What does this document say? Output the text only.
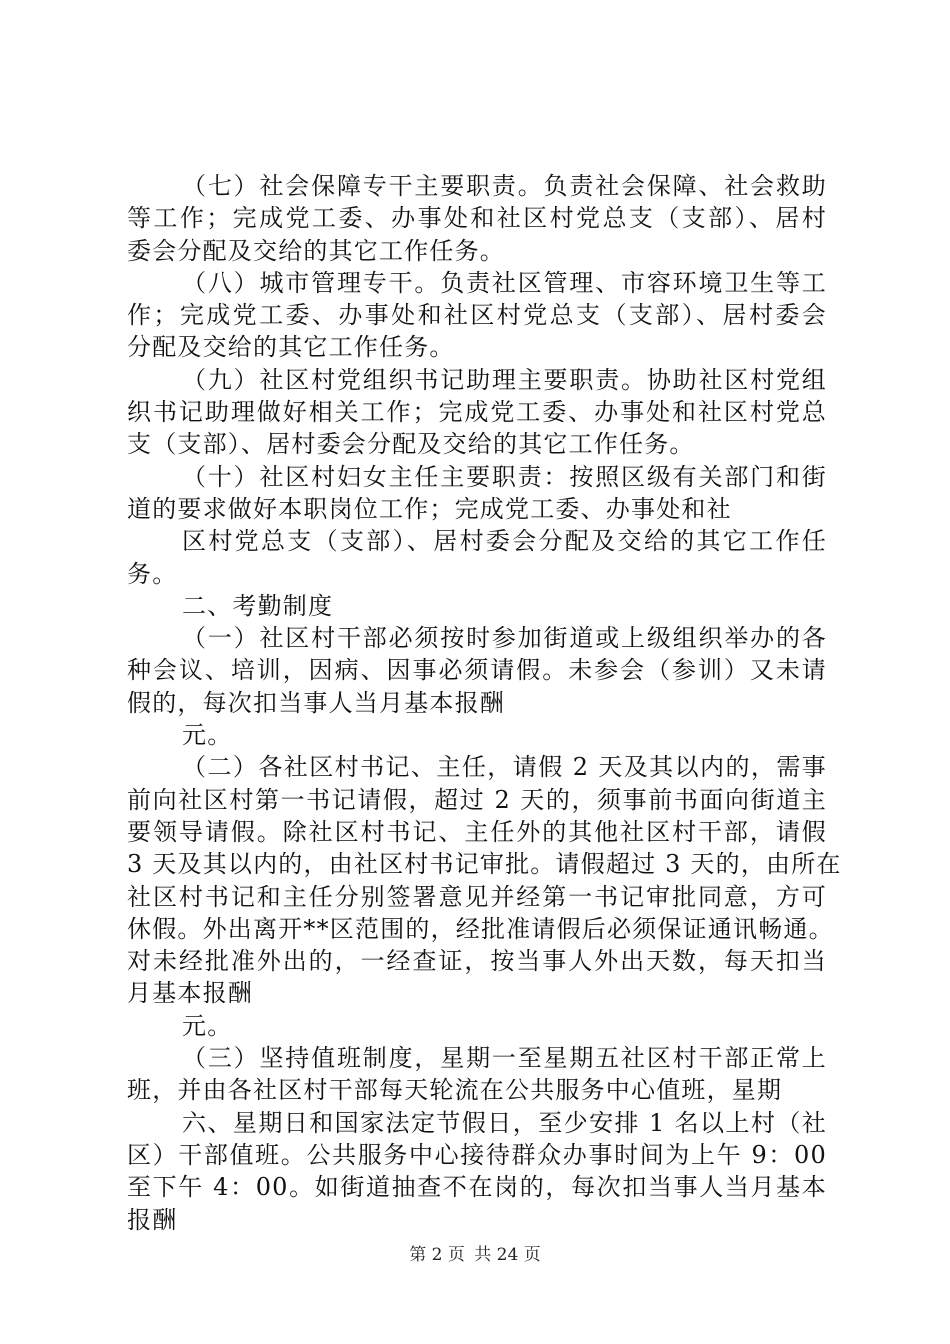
（七）社会保障专干主要职责。负责社会保障、社会救助
等工作；完成党工委、办事处和社区村党总支（支部）、居村
委会分配及交给的其它工作任务。
（八）城市管理专干。负责社区管理、市容环境卫生等工
作；完成党工委、办事处和社区村党总支（支部）、居村委会
分配及交给的其它工作任务。
（九）社区村党组织书记助理主要职责。协助社区村党组
织书记助理做好相关工作；完成党工委、办事处和社区村党总
支（支部）、居村委会分配及交给的其它工作任务。
（十）社区村妇女主任主要职责：按照区级有关部门和街
道的要求做好本职岗位工作；完成党工委、办事处和社
区村党总支（支部）、居村委会分配及交给的其它工作任
务。
二、考勤制度
（一）社区村干部必须按时参加街道或上级组织举办的各
种会议、培训，因病、因事必须请假。未参会（参训）又未请
假的，每次扣当事人当月基本报酬
元。
（二）各社区村书记、主任，请假 2 天及其以内的，需事
前向社区村第一书记请假，超过 2 天的，须事前书面向街道主
要领导请假。除社区村书记、主任外的其他社区村干部，请假
3 天及其以内的，由社区村书记审批。请假超过 3 天的，由所在
社区村书记和主任分别签署意见并经第一书记审批同意，方可
休假。外出离开**区范围的，经批准请假后必须保证通讯畅通。
对未经批准外出的，一经查证，按当事人外出天数，每天扣当
月基本报酬
元。
（三）坚持值班制度，星期一至星期五社区村干部正常上
班，并由各社区村干部每天轮流在公共服务中心值班，星期
六、星期日和国家法定节假日，至少安排 1 名以上村（社
区）干部值班。公共服务中心接待群众办事时间为上午 9：00
至下午 4：00。如街道抽查不在岗的，每次扣当事人当月基本
报酬
第 2 页 共 24 页
